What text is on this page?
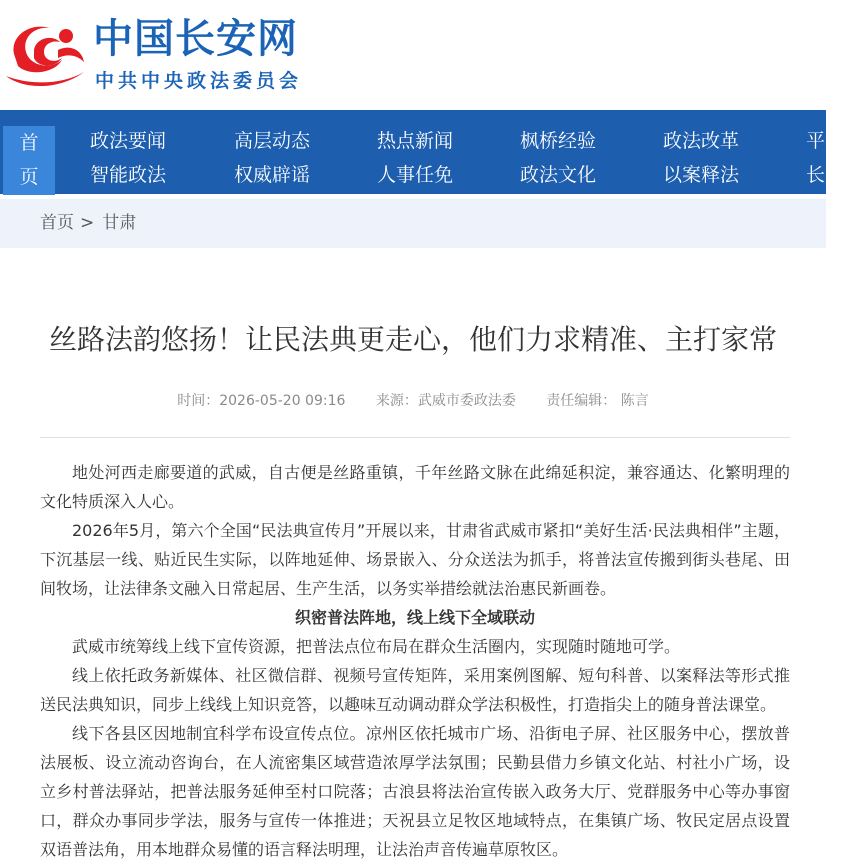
中国长安网
中共中央政法委员会
首
页
政法要闻	高层动态	热点新闻	枫桥经验	政法改革	平安
智能政法	权威辟谣	人事任免	政法文化	以案释法	长安
首页 > 甘肃
丝路法韵悠扬！让民法典更走心，他们力求精准、主打家常
时间：2026-05-20 09:16 来源：武威市委政法委 责任编辑： 陈言

地处河西走廊要道的武威，自古便是丝路重镇，千年丝路文脉在此绵延积淀，兼容通达、化繁明理的文化特质深入人心。

2026年5月，第六个全国“民法典宣传月”开展以来，甘肃省武威市紧扣“美好生活·民法典相伴”主题，下沉基层一线、贴近民生实际，以阵地延伸、场景嵌入、分众送法为抓手，将普法宣传搬到街头巷尾、田间牧场，让法律条文融入日常起居、生产生活，以务实举措绘就法治惠民新画卷。

织密普法阵地，线上线下全域联动

武威市统筹线上线下宣传资源，把普法点位布局在群众生活圈内，实现随时随地可学。

线上依托政务新媒体、社区微信群、视频号宣传矩阵，采用案例图解、短句科普、以案释法等形式推送民法典知识，同步上线线上知识竞答，以趣味互动调动群众学法积极性，打造指尖上的随身普法课堂。

线下各县区因地制宜科学布设宣传点位。凉州区依托城市广场、沿街电子屏、社区服务中心，摆放普法展板、设立流动咨询台，在人流密集区域营造浓厚学法氛围；民勤县借力乡镇文化站、村社小广场，设立乡村普法驿站，把普法服务延伸至村口院落；古浪县将法治宣传嵌入政务大厅、党群服务中心等办事窗口，群众办事同步学法，服务与宣传一体推进；天祝县立足牧区地域特点，在集镇广场、牧民定居点设置双语普法角，用本地群众易懂的语言释法明理，让法治声音传遍草原牧区。
